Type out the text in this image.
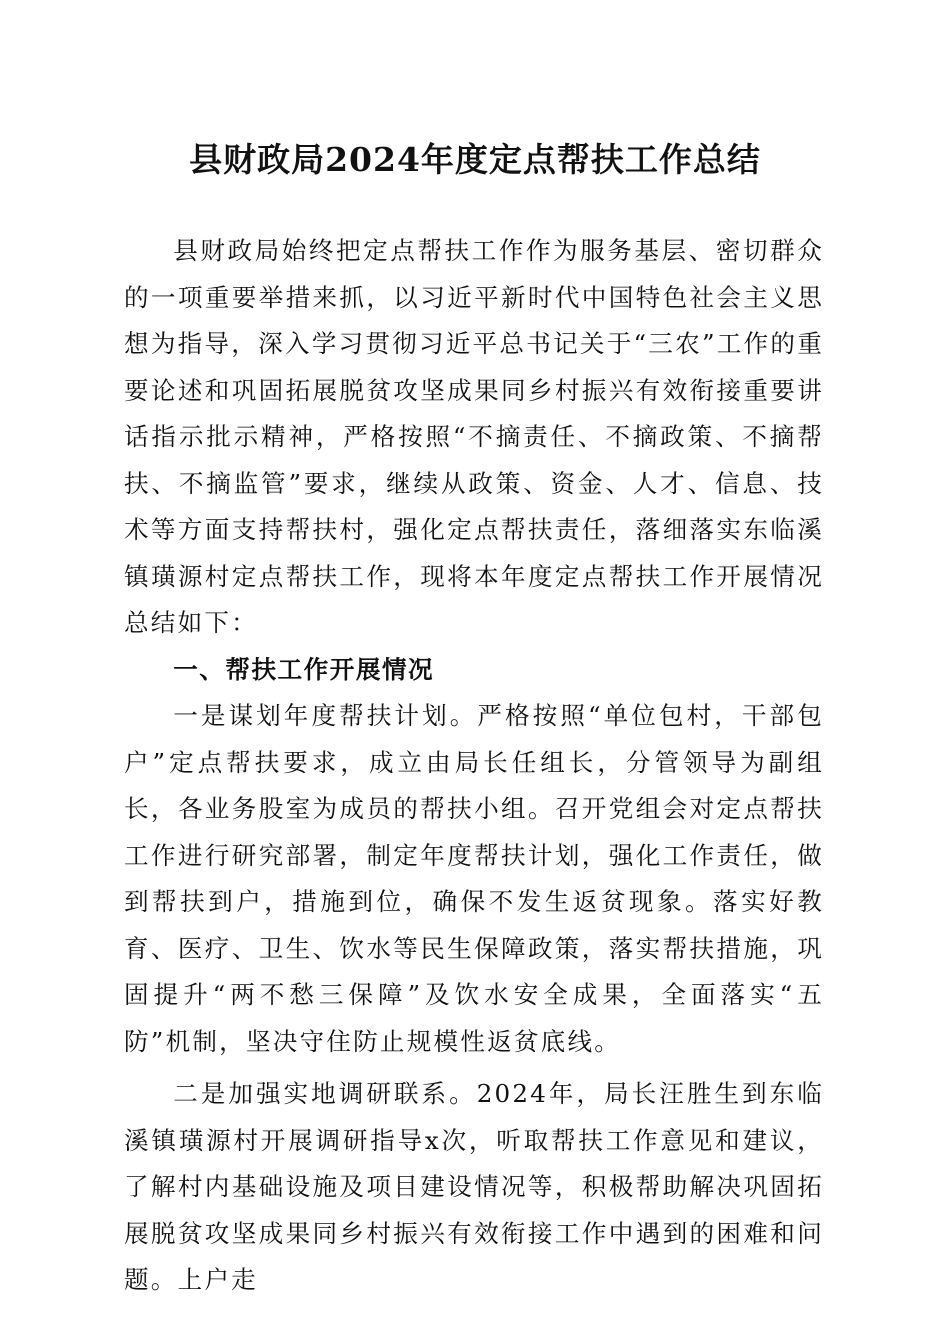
县财政局2024年度定点帮扶工作总结

县财政局始终把定点帮扶工作作为服务基层、密切群众的一项重要举措来抓，以习近平新时代中国特色社会主义思想为指导，深入学习贯彻习近平总书记关于“三农”工作的重要论述和巩固拓展脱贫攻坚成果同乡村振兴有效衔接重要讲话指示批示精神，严格按照“不摘责任、不摘政策、不摘帮扶、不摘监管”要求，继续从政策、资金、人才、信息、技术等方面支持帮扶村，强化定点帮扶责任，落细落实东临溪镇璜源村定点帮扶工作，现将本年度定点帮扶工作开展情况总结如下：

一、帮扶工作开展情况

一是谋划年度帮扶计划。严格按照“单位包村，干部包户”定点帮扶要求，成立由局长任组长，分管领导为副组长，各业务股室为成员的帮扶小组。召开党组会对定点帮扶工作进行研究部署，制定年度帮扶计划，强化工作责任，做到帮扶到户，措施到位，确保不发生返贫现象。落实好教育、医疗、卫生、饮水等民生保障政策，落实帮扶措施，巩固提升“两不愁三保障”及饮水安全成果，全面落实“五防”机制，坚决守住防止规模性返贫底线。

二是加强实地调研联系。2024年，局长汪胜生到东临溪镇璜源村开展调研指导x次，听取帮扶工作意见和建议，了解村内基础设施及项目建设情况等，积极帮助解决巩固拓展脱贫攻坚成果同乡村振兴有效衔接工作中遇到的困难和问题。上户走
